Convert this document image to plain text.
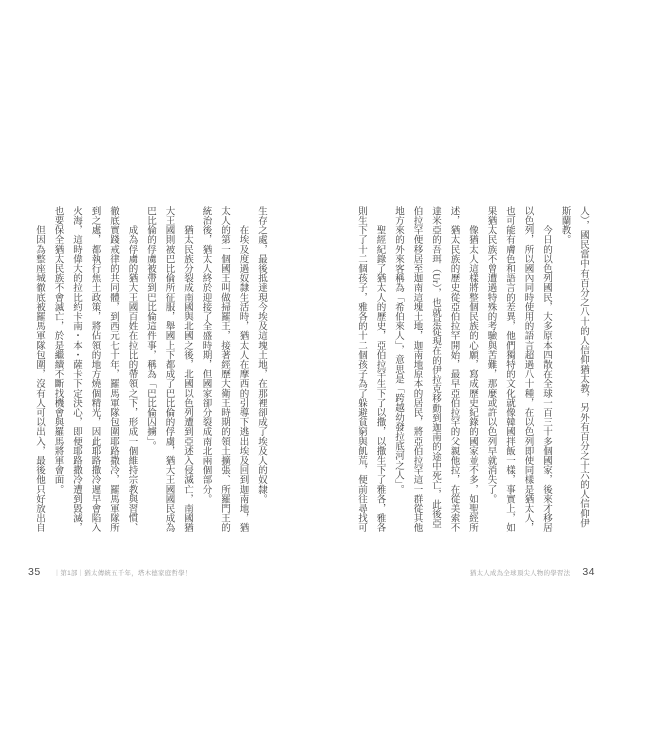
生存之處，最後抵達現今埃及這塊土地，在那裡卻成了埃及人的奴隸。
　　在埃及度過奴隸生活時，猶太人在摩西的引導下逃出埃及回到迦南地，猶
太人的第一個國王叫做掃羅王，接著經歷大衛王時期的領土擴張、所羅門王的
統治後，猶太人終於迎接了全盛時期，但國家卻分裂成南北兩個部分。
　　猶太民族分裂成南國與北國之後，北國以色列遭到亞述入侵滅亡，南國猶
大王國則被巴比倫所征服，舉國上下都成了巴比倫的俘虜，猶大王國國民成為
巴比倫的俘虜被帶到巴比倫這件事，稱為「巴比倫囚擄」。
　　成為俘虜的猶大王國百姓在拉比的帶領之下，形成一個維持宗教與習慣、
徹底實踐戒律的共同體，到西元七十年，羅馬軍隊包圍耶路撒冷，羅馬軍隊所
到之處，都執行焦土政策，將佔領的地方燒個精光，因此耶路撒冷遲早會陷入
火海，這時偉大的拉比約卡南・本・薩卡下定決心，即便耶路撒冷遭到毀滅，
也要保全猶太民族不會滅亡，於是繼續不斷找機會與羅馬將軍會面。
　　但因為整座城徹底被羅馬軍隊包圍，沒有人可以出入，最後他只好放出自	人），國民當中有百分之八十的人信仰猶太教，另外有百分之十六的人信仰伊
斯蘭教。
　　今日的以色列國民，大多原本四散在全球一百三十多個國家，後來才移居
以色列，所以國內同時使用的語言超過八十種，在以色列即使同樣是猶太人，
也可能有膚色和語言的差異，他們獨特的文化就像韓國拌飯一樣，事實上，如
果猶太民族不曾遭過特殊的考驗與苦難，那麼或許以色列早就消失了。
　　像猶太人這樣將整個民族的心願，寫成歷史紀錄的國家並不多，如聖經所
述，猶太民族的歷史從亞伯拉罕開始，最早亞伯拉罕的父親他拉，在從美索不
達米亞的吾珥（Ur），也就是從現在的伊拉克移動到迦南的途中死亡，此後亞
伯拉罕便移居至迦南這塊土地，迦南地原本的居民，將亞伯拉罕這一群從其他
地方來的外來客稱為「希伯來人」，意思是「跨越幼發拉底河之人」。
　　聖經紀錄了猶太人的歷史，亞伯拉罕生下了以撒，以撒生下了雅各，雅各
則生下了十二個孩子，雅各的十二個孩子為了躲避貧窮與飢荒，便前往尋找可
35 ｜第1部｜猶太傳統五千年，塔木德家庭哲學！	猶太人成為全球頂尖人物的學習法 34
